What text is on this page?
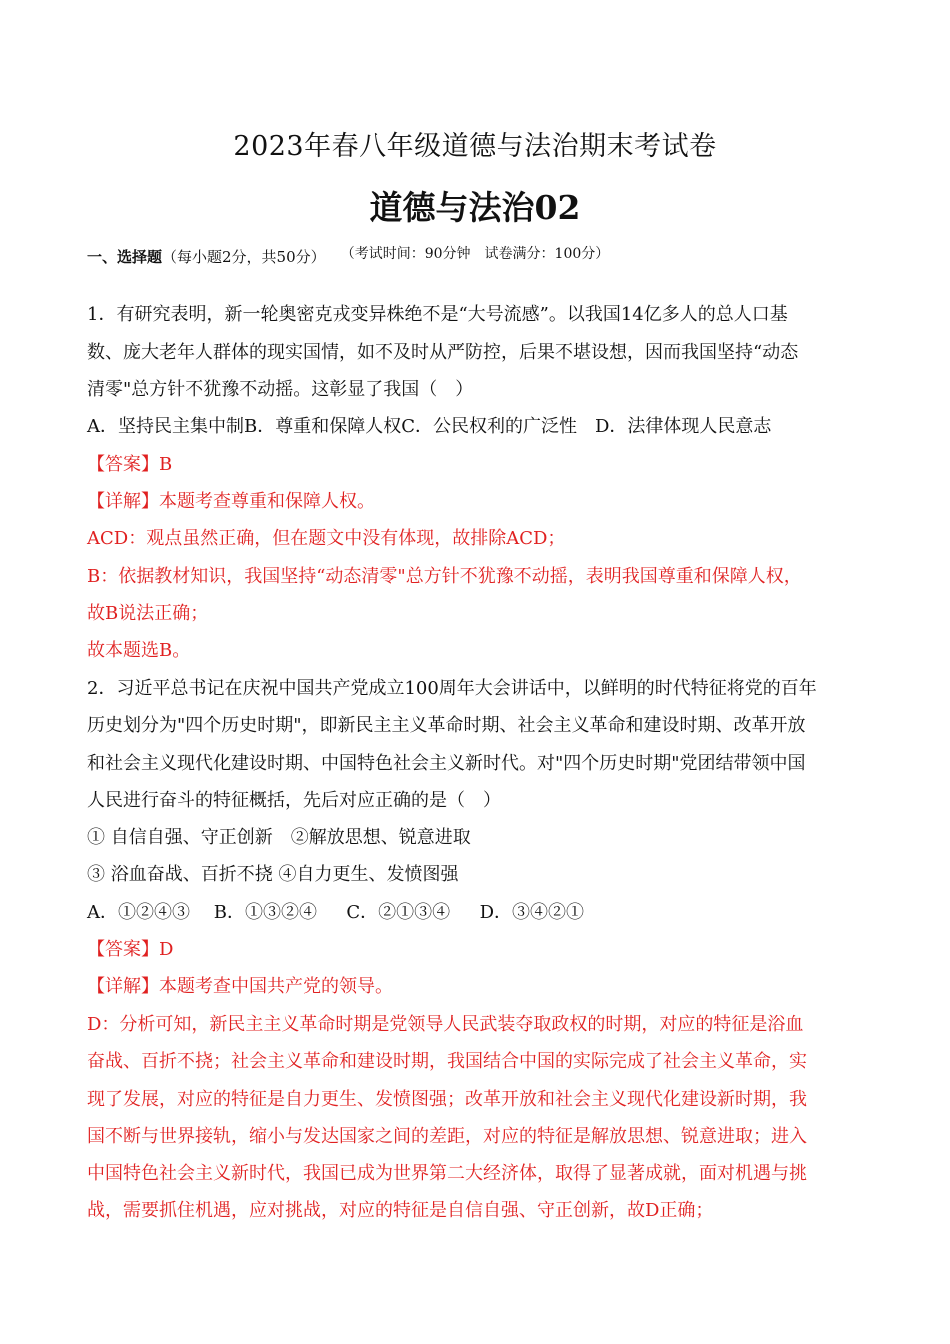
2023年春八年级道德与法治期末考试卷
道德与法治02
（考试时间：90分钟　试卷满分：100分）
一、选择题（每小题2分，共50分）
1．有研究表明，新一轮奥密克戎变异株绝不是“大号流感”。以我国14亿多人的总人口基
数、庞大老年人群体的现实国情，如不及时从严防控，后果不堪设想，因而我国坚持“动态
清零"总方针不犹豫不动摇。这彰显了我国（　）
A．坚持民主集中制B．尊重和保障人权C．公民权利的广泛性　D．法律体现人民意志
【答案】B
【详解】本题考查尊重和保障人权。
ACD：观点虽然正确，但在题文中没有体现，故排除ACD；
B：依据教材知识，我国坚持“动态清零"总方针不犹豫不动摇，表明我国尊重和保障人权，
故B说法正确；
故本题选B。
2．习近平总书记在庆祝中国共产党成立100周年大会讲话中，以鲜明的时代特征将党的百年
历史划分为"四个历史时期"，即新民主主义革命时期、社会主义革命和建设时期、改革开放
和社会主义现代化建设时期、中国特色社会主义新时代。对"四个历史时期"党团结带领中国
人民进行奋斗的特征概括，先后对应正确的是（　）
① 自信自强、守正创新　②解放思想、锐意进取
③ 浴血奋战、百折不挠 ④自力更生、发愤图强
A．①②④③　 B．①③②④ 　 C．②①③④ 　 D．③④②①
【答案】D
【详解】本题考查中国共产党的领导。
D：分析可知，新民主主义革命时期是党领导人民武装夺取政权的时期，对应的特征是浴血
奋战、百折不挠；社会主义革命和建设时期，我国结合中国的实际完成了社会主义革命，实
现了发展，对应的特征是自力更生、发愤图强；改革开放和社会主义现代化建设新时期，我
国不断与世界接轨，缩小与发达国家之间的差距，对应的特征是解放思想、锐意进取；进入
中国特色社会主义新时代，我国已成为世界第二大经济体，取得了显著成就，面对机遇与挑
战，需要抓住机遇，应对挑战，对应的特征是自信自强、守正创新，故D正确；
